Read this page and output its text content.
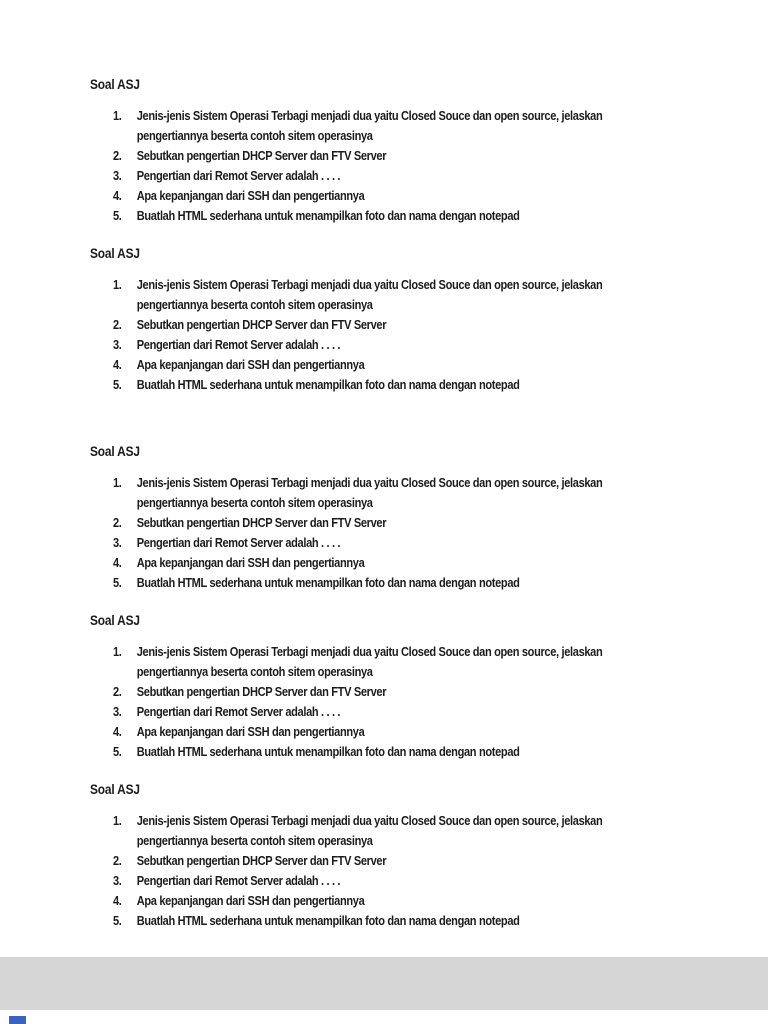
Soal ASJ
1.	Jenis-jenis Sistem Operasi Terbagi menjadi dua yaitu Closed Souce dan open source, jelaskan
pengertiannya beserta contoh sitem operasinya
2.	Sebutkan pengertian DHCP Server dan FTV Server
3.	Pengertian dari Remot Server adalah . . . .
4.	Apa kepanjangan dari SSH dan pengertiannya
5.	Buatlah HTML sederhana untuk menampilkan foto dan nama dengan notepad
Soal ASJ
1.	Jenis-jenis Sistem Operasi Terbagi menjadi dua yaitu Closed Souce dan open source, jelaskan
pengertiannya beserta contoh sitem operasinya
2.	Sebutkan pengertian DHCP Server dan FTV Server
3.	Pengertian dari Remot Server adalah . . . .
4.	Apa kepanjangan dari SSH dan pengertiannya
5.	Buatlah HTML sederhana untuk menampilkan foto dan nama dengan notepad
Soal ASJ
1.	Jenis-jenis Sistem Operasi Terbagi menjadi dua yaitu Closed Souce dan open source, jelaskan
pengertiannya beserta contoh sitem operasinya
2.	Sebutkan pengertian DHCP Server dan FTV Server
3.	Pengertian dari Remot Server adalah . . . .
4.	Apa kepanjangan dari SSH dan pengertiannya
5.	Buatlah HTML sederhana untuk menampilkan foto dan nama dengan notepad
Soal ASJ
1.	Jenis-jenis Sistem Operasi Terbagi menjadi dua yaitu Closed Souce dan open source, jelaskan
pengertiannya beserta contoh sitem operasinya
2.	Sebutkan pengertian DHCP Server dan FTV Server
3.	Pengertian dari Remot Server adalah . . . .
4.	Apa kepanjangan dari SSH dan pengertiannya
5.	Buatlah HTML sederhana untuk menampilkan foto dan nama dengan notepad
Soal ASJ
1.	Jenis-jenis Sistem Operasi Terbagi menjadi dua yaitu Closed Souce dan open source, jelaskan
pengertiannya beserta contoh sitem operasinya
2.	Sebutkan pengertian DHCP Server dan FTV Server
3.	Pengertian dari Remot Server adalah . . . .
4.	Apa kepanjangan dari SSH dan pengertiannya
5.	Buatlah HTML sederhana untuk menampilkan foto dan nama dengan notepad
